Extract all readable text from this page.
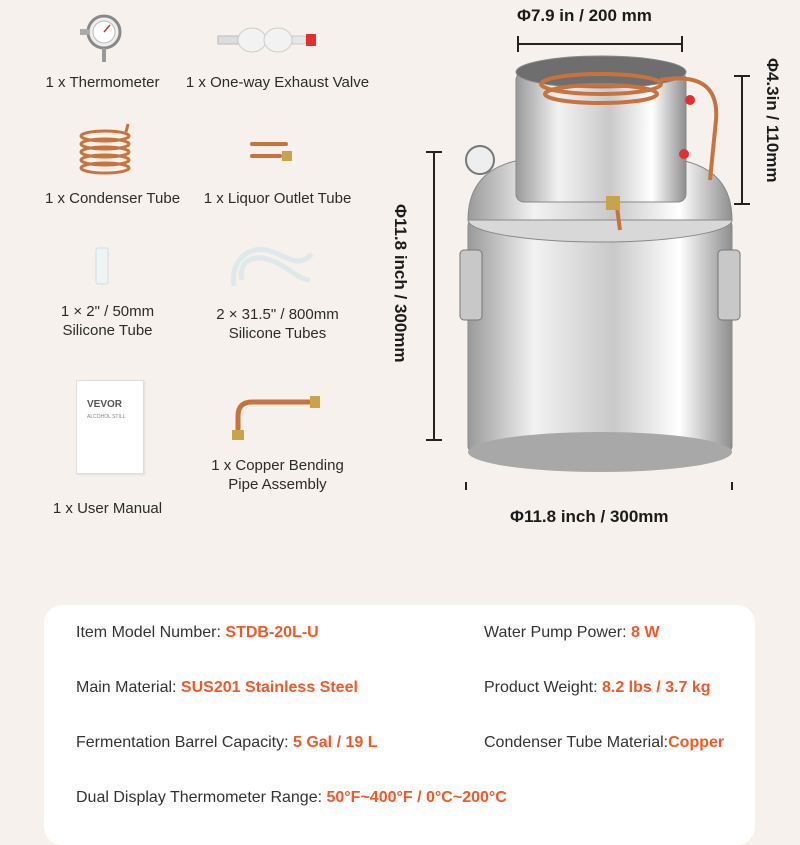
1 x Thermometer	1 x One-way Exhaust Valve
1 x Condenser Tube	1 x Liquor Outlet Tube
1 × 2" / 50mm
Silicone Tube
2 × 31.5" / 800mm
Silicone Tubes
VEVOR
ALCOHOL STILL
1 x User Manual
1 x Copper Bending
Pipe Assembly
Φ7.9 in / 200 mm
Φ4.3in / 110mm
Φ11.8 inch / 300mm
Φ11.8 inch / 300mm
Item Model Number: STDB-20L-U	Water Pump Power: 8 W
Main Material: SUS201 Stainless Steel	Product Weight: 8.2 lbs / 3.7 kg
Fermentation Barrel Capacity: 5 Gal / 19 L	Condenser Tube Material:Copper
Dual Display Thermometer Range: 50°F~400°F / 0°C~200°C
